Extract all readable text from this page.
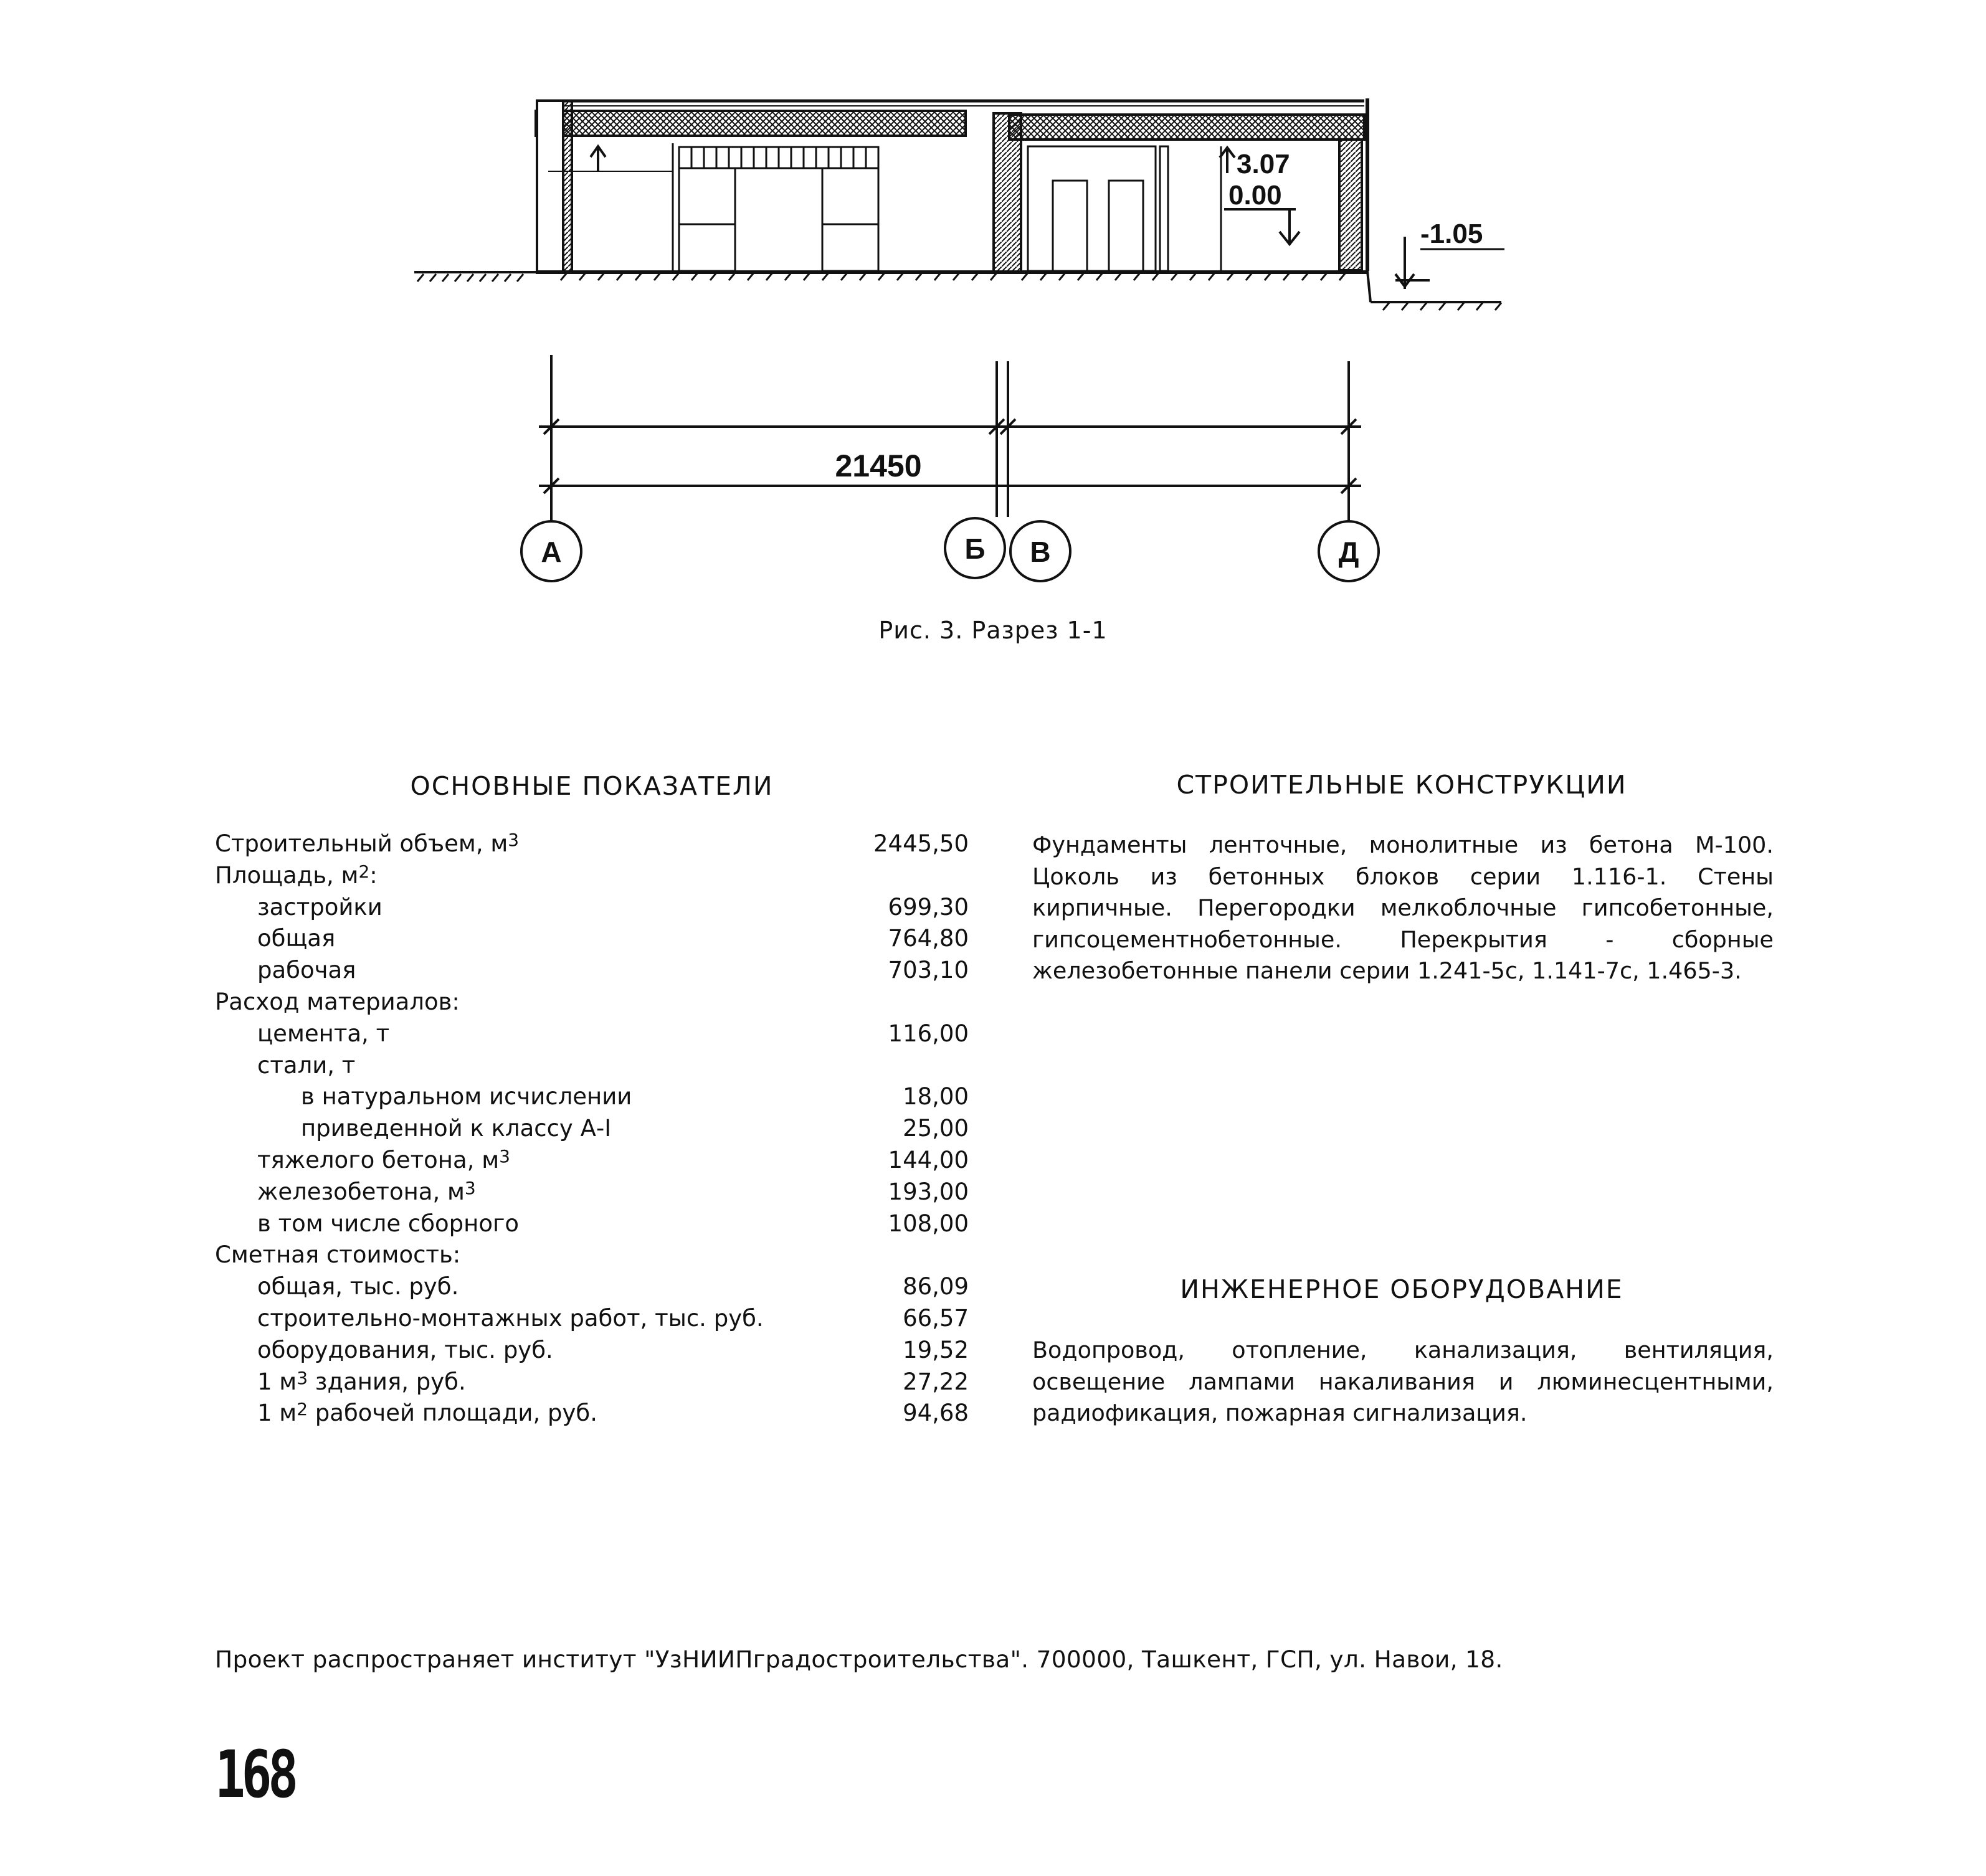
3.07
0.00
-1.05
21450
А	Б В	Д
Рис. 3. Разрез 1-1
ОСНОВНЫЕ ПОКАЗАТЕЛИ
Строительный объем, $м^3$	2445,50
Площадь, $м^2$:
застройки	699,30
общая	764,80
рабочая	703,10
Расход материалов:
цемента, т	116,00
стали, т
в натуральном исчислении	18,00
приведенной к классу А-I	25,00
тяжелого бетона, $м^3$	144,00
железобетона, $м^3$	193,00
в том числе сборного	108,00
Сметная стоимость:
общая, тыс. руб.	86,09
строительно-монтажных работ, тыс. руб.	66,57
оборудования, тыс. руб.	19,52
1 $м^3$ здания, руб.	27,22
1 $м^2$ рабочей площади, руб.	94,68
СТРОИТЕЛЬНЫЕ КОНСТРУКЦИИ
Фундаменты ленточные, монолитные из бетона М-100. Цоколь из бетонных блоков серии 1.116-1. Стены кирпичные. Перегородки мелкоблочные гипсобетонные, гипсоцементнобетонные. Перекрытия - сборные железобетонные панели серии 1.241-5с, 1.141-7с, 1.465-3.
ИНЖЕНЕРНОЕ ОБОРУДОВАНИЕ
Водопровод, отопление, канализация, вентиляция, освещение лампами накаливания и люминесцентными, радиофикация, пожарная сигнализация.
Проект распространяет институт "УзНИИПградостроительства". 700000, Ташкент, ГСП, ул. Навои, 18.
168
